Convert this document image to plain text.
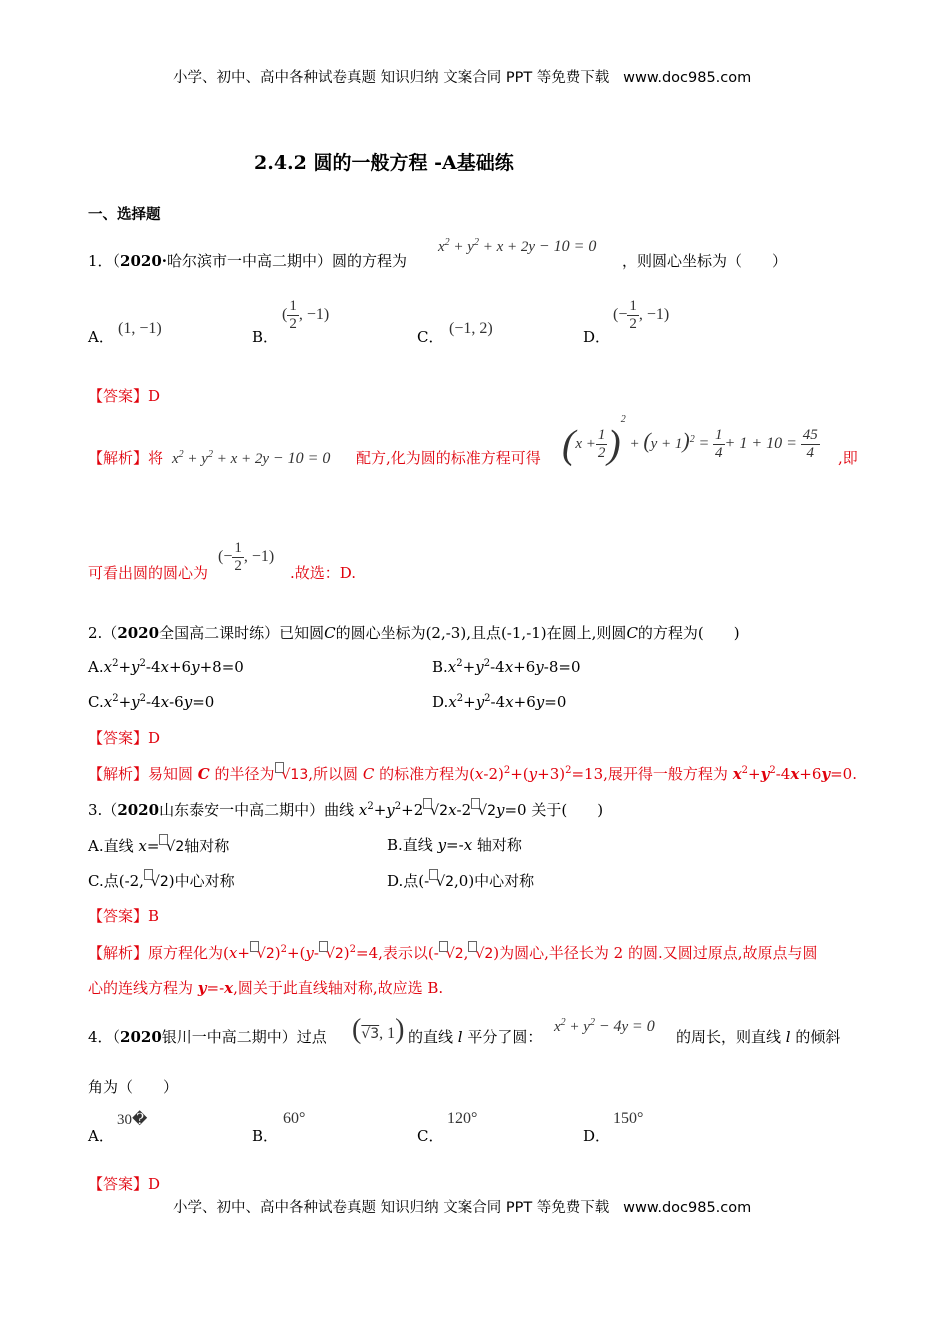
小学、初中、高中各种试卷真题 知识归纳 文案合同 PPT 等免费下载   www.doc985.com
小学、初中、高中各种试卷真题 知识归纳 文案合同 PPT 等免费下载   www.doc985.com
2.4.2 圆的一般方程 -A基础练
一、选择题
1．（2020·哈尔滨市一中高二期中）圆的方程为
$x^2 + y^2 + x + 2y - 10 = 0$
，则圆心坐标为（　　）
A． (1, −1)	B．
( $\frac{1}{2}$ , −1)
C． (−1, 2)	D．
(− $\frac{1}{2}$ , −1)
【答案】D
【解析】将 $x^2 + y^2 + x + 2y - 10 = 0$ 配方,化为圆的标准方程可得 $(x + \frac{1}{2} )^2 + (y + 1)^2 = \frac{1}{4} + 1 + 10 = \frac{45}{4}$ ,即
可看出圆的圆心为
(− $\frac{1}{2}$ , −1)
.故选：D.
2.（2020全国高二课时练）已知圆C的圆心坐标为(2,-3),且点(-1,-1)在圆上,则圆C的方程为(　　)
$A.x^2+y^2-4x+6y+8=0$	$B.x^2+y^2-4x+6y-8=0$
$C.x^2+y^2-4x-6y=0$	$D.x^2+y^2-4x+6y=0$
【答案】D
【解析】易知圆 C 的半径为 √13,所以圆 C 的标准方程为$(x-2)^2+(y+3)^2=13$,展开得一般方程为 $x^2+y^2-4x+6y=0$.
3.（2020山东泰安一中高二期中）曲线 $x^2+y^2+2$ √2x-2 √2y=0 关于(　　)
A.直线 x= √2轴对称	B.直线 y=-x 轴对称
C.点(-2, √2)中心对称	D.点(- √2,0)中心对称
【答案】B
【解析】原方程化为$(x+ √2)^2+(y-$ √2)$^2$=4,表示以(- √2, √2)为圆心,半径长为 2 的圆.又圆过原点,故原点与圆
心的连线方程为 y=-x,圆关于此直线轴对称,故应选 B.
4．（2020银川一中高二期中）过点 (√3, 1) 的直线 l 平分了圆：
$x^2 + y^2 - 4y = 0$
的周长，则直线 l 的倾斜
角为（　　）
A．
30�
B．
60°
C．
120°
D．
150°
【答案】D
